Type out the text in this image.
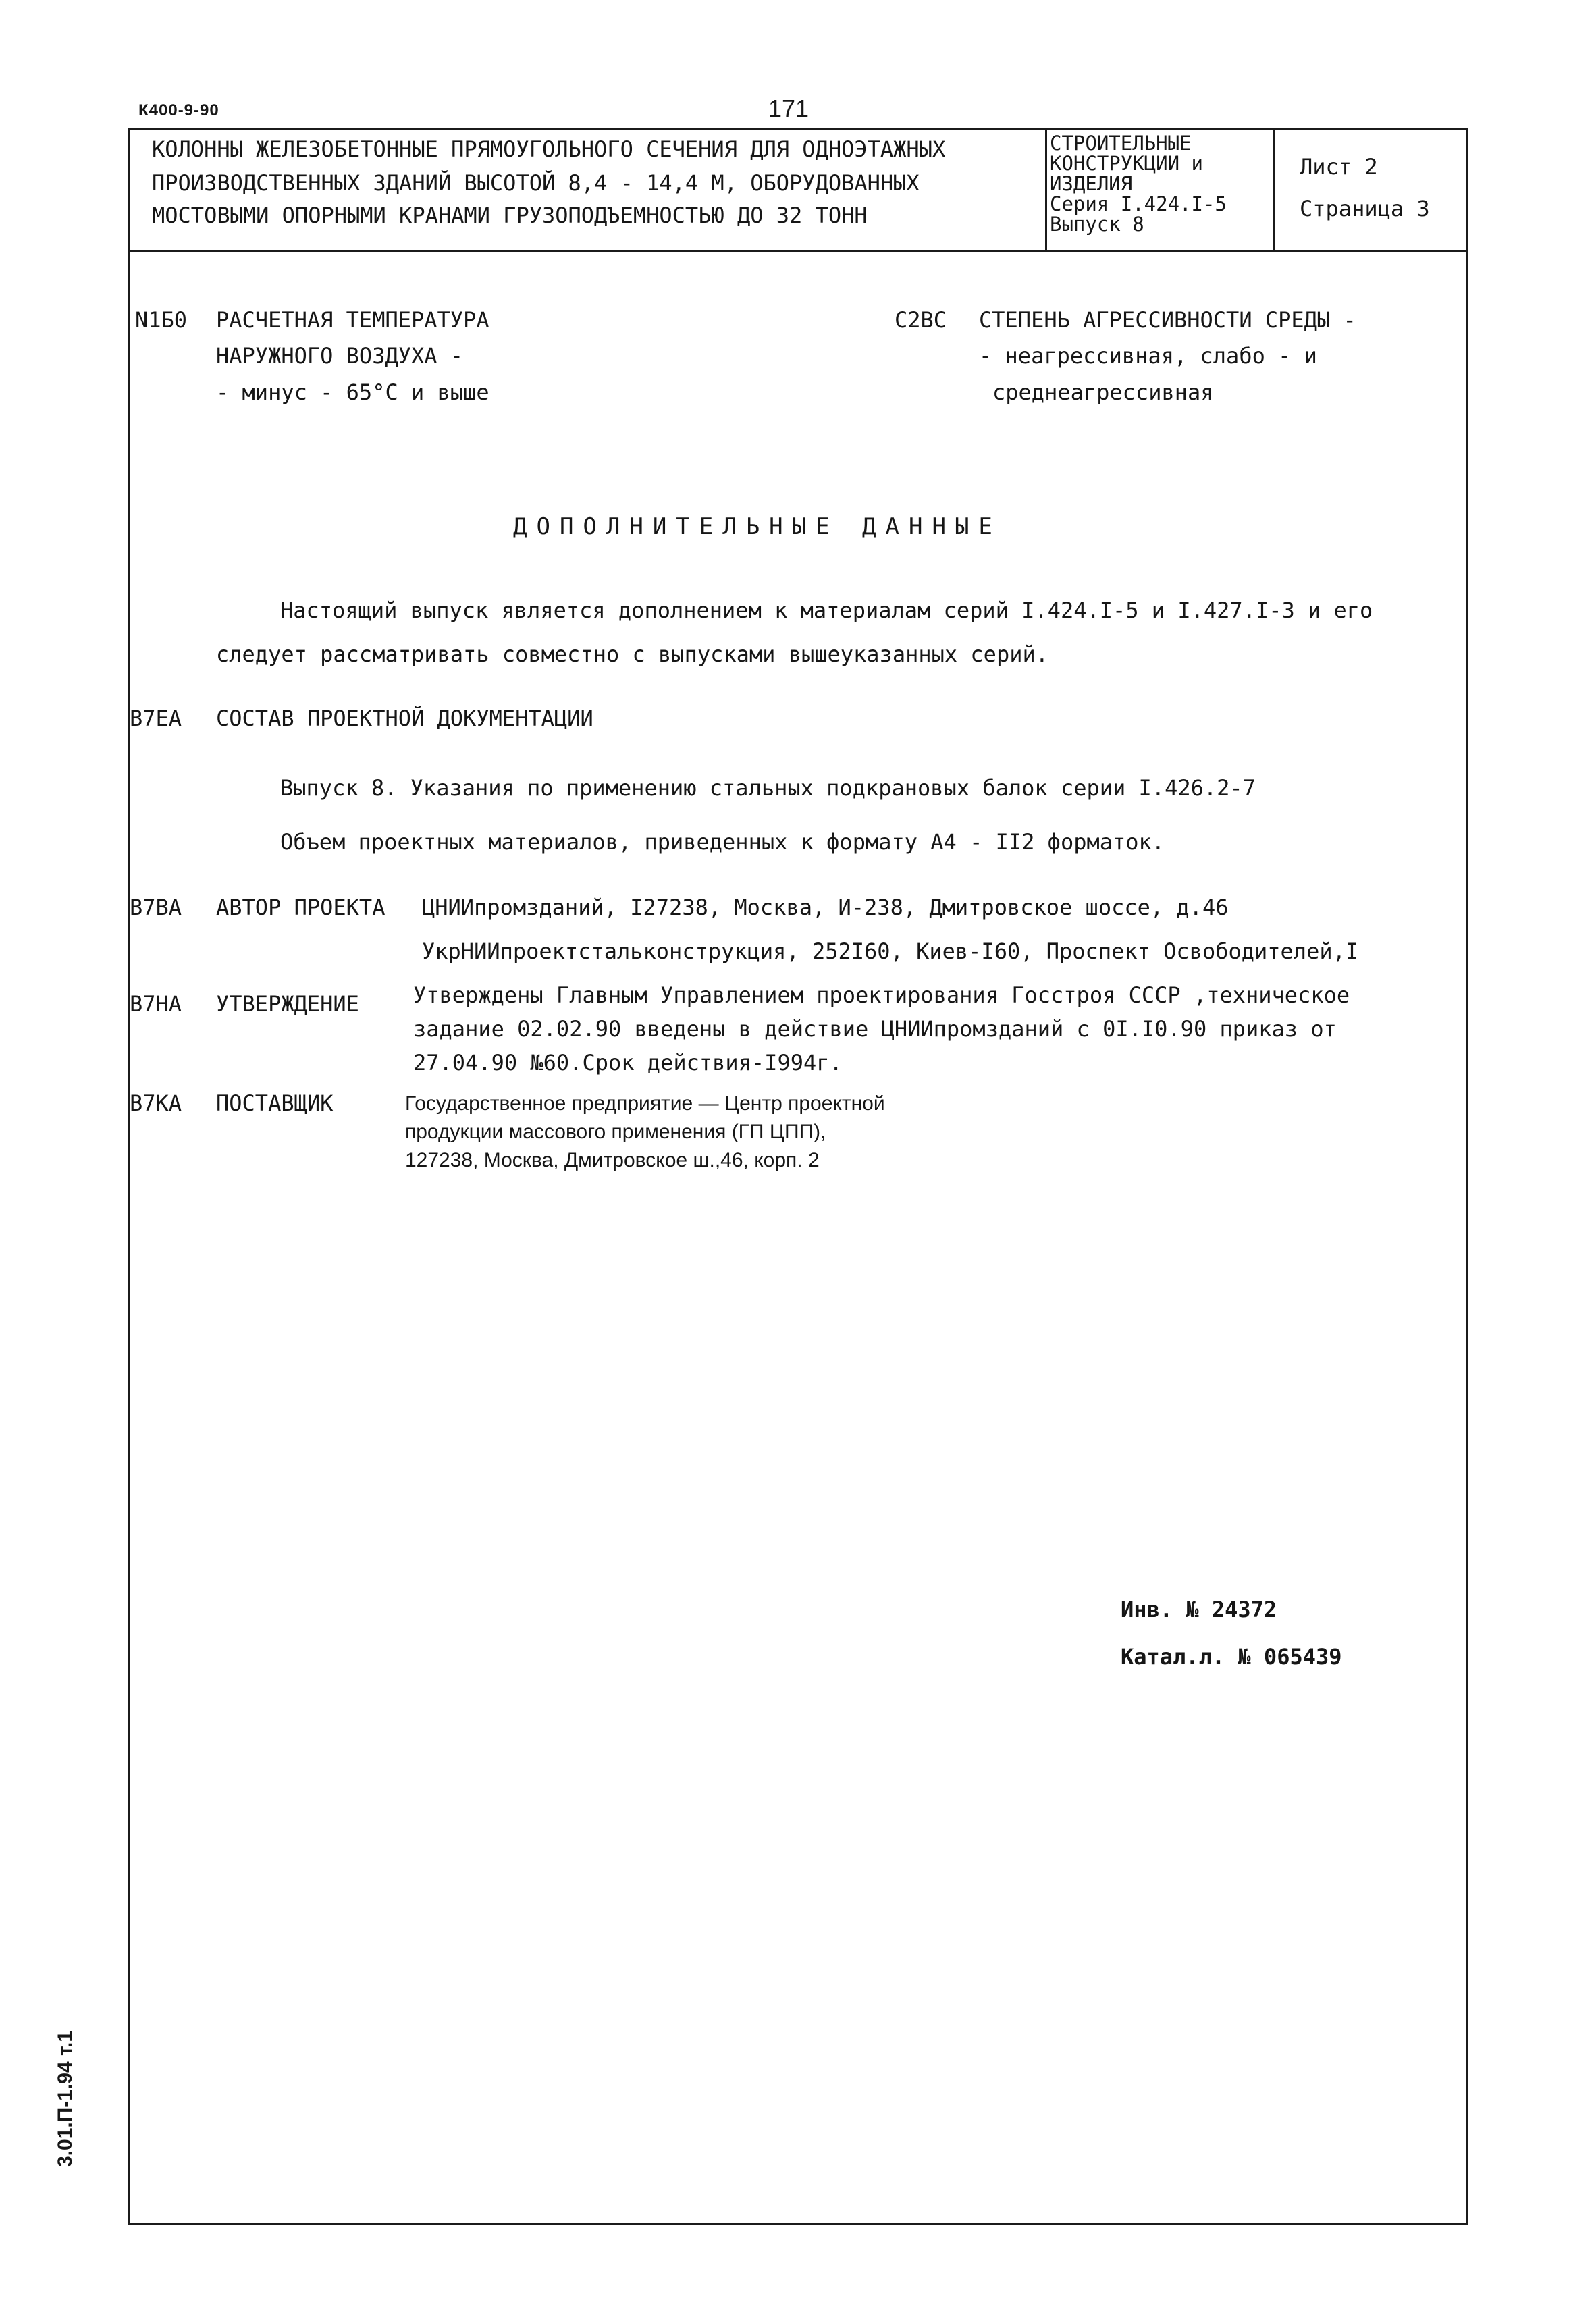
К400-9-90	171
КОЛОННЫ ЖЕЛЕЗОБЕТОННЫЕ ПРЯМОУГОЛЬНОГО СЕЧЕНИЯ ДЛЯ ОДНОЭТАЖНЫХ
ПРОИЗВОДСТВЕННЫХ ЗДАНИЙ ВЫСОТОЙ 8,4 - 14,4 М, ОБОРУДОВАННЫХ
МОСТОВЫМИ ОПОРНЫМИ КРАНАМИ ГРУЗОПОДЪЕМНОСТЬЮ ДО 32 ТОНН
СТРОИТЕЛЬНЫЕ
КОНСТРУКЦИИ и
ИЗДЕЛИЯ
Серия I.424.I-5
Выпуск 8
Лист 2
Страница 3
N1Б0 РАСЧЕТНАЯ ТЕМПЕРАТУРА
НАРУЖНОГО ВОЗДУХА -
- минус - 65°С и выше
С2ВС СТЕПЕНЬ АГРЕССИВНОСТИ СРЕДЫ -
- неагрессивная, слабо - и
среднеагрессивная
ДОПОЛНИТЕЛЬНЫЕ ДАННЫЕ
Настоящий выпуск является дополнением к материалам серий I.424.I-5 и I.427.I-3 и его
следует рассматривать совместно с выпусками вышеуказанных серий.
В7ЕА СОСТАВ ПРОЕКТНОЙ ДОКУМЕНТАЦИИ
Выпуск 8. Указания по применению стальных подкрановых балок серии I.426.2-7
Объем проектных материалов, приведенных к формату А4 - II2 форматок.
В7ВА АВТОР ПРОЕКТА ЦНИИпромзданий, I27238, Москва, И-238, Дмитровское шоссе, д.46
УкрНИИпроектстальконструкция, 252I60, Киев-I60, Проспект Освободителей,I
В7НА УТВЕРЖДЕНИЕ	Утверждены Главным Управлением проектирования Госстроя СССР ,техническое
задание 02.02.90 введены в действие ЦНИИпромзданий с 0I.I0.90 приказ от
27.04.90 №60.Срок действия-I994г.
В7КА ПОСТАВЩИК	Государственное предприятие — Центр проектной
продукции массового применения (ГП ЦПП),
127238, Москва, Дмитровское ш.,46, корп. 2
Инв. № 24372
Катал.л. № 065439
3.01.П-1.94 т.1
